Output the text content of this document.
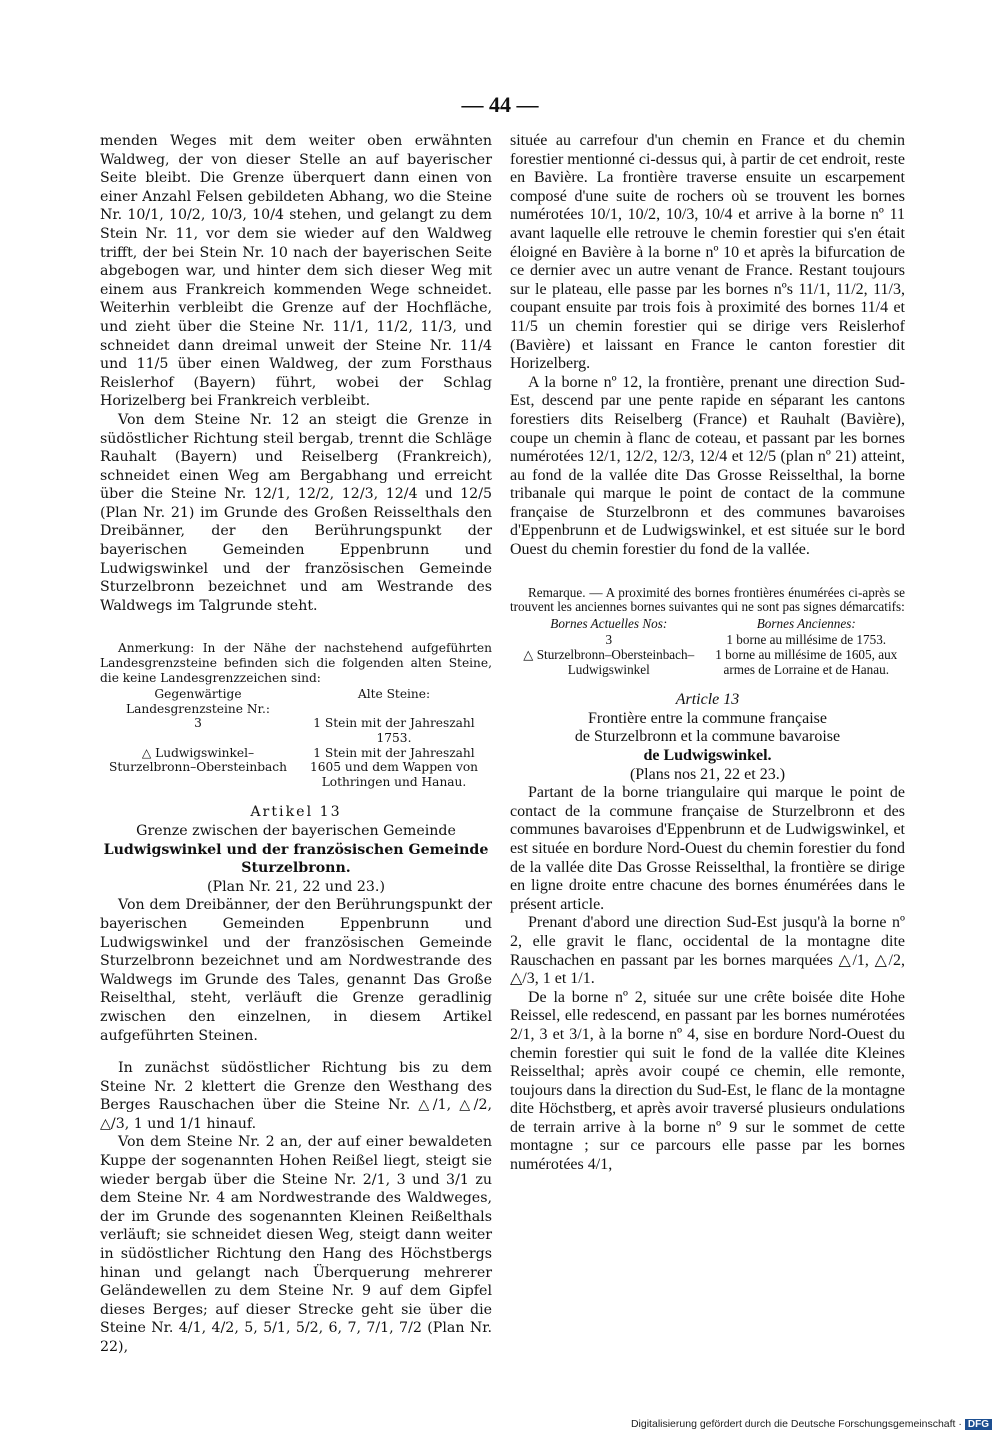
— 44 —

menden Weges mit dem weiter oben erwähnten Waldweg, der von dieser Stelle an auf bayerischer Seite bleibt. Die Grenze überquert dann einen von einer Anzahl Felsen gebildeten Abhang, wo die Steine Nr. 10/1, 10/2, 10/3, 10/4 stehen, und gelangt zu dem Stein Nr. 11, vor dem sie wieder auf den Waldweg trifft, der bei Stein Nr. 10 nach der bayerischen Seite abgebogen war, und hinter dem sich dieser Weg mit einem aus Frankreich kommenden Wege schneidet. Weiterhin verbleibt die Grenze auf der Hochfläche, und zieht über die Steine Nr. 11/1, 11/2, 11/3, und schneidet dann dreimal unweit der Steine Nr. 11/4 und 11/5 über einen Waldweg, der zum Forsthaus Reislerhof (Bayern) führt, wobei der Schlag Horizelberg bei Frankreich verbleibt.

Von dem Steine Nr. 12 an steigt die Grenze in südöstlicher Richtung steil bergab, trennt die Schläge Rauhalt (Bayern) und Reiselberg (Frankreich), schneidet einen Weg am Bergabhang und erreicht über die Steine Nr. 12/1, 12/2, 12/3, 12/4 und 12/5 (Plan Nr. 21) im Grunde des Großen Reisselthals den Dreibänner, der den Berührungspunkt der bayerischen Gemeinden Eppenbrunn und Ludwigswinkel und der französischen Gemeinde Sturzelbronn bezeichnet und am Westrande des Waldwegs im Talgrunde steht.

Anmerkung: In der Nähe der nachstehend aufgeführten Landesgrenzsteine befinden sich die folgenden alten Steine, die keine Landesgrenzzeichen sind:

Gegenwärtige Landesgrenzsteine Nr.:	Alte Steine:
3	1 Stein mit der Jahreszahl 1753.
△ Ludwigswinkel–Sturzelbronn–Obersteinbach	1 Stein mit der Jahreszahl 1605 und dem Wappen von Lothringen und Hanau.
Artikel 13
Grenze zwischen der bayerischen Gemeinde
Ludwigswinkel und der französischen Gemeinde
Sturzelbronn.
(Plan Nr. 21, 22 und 23.)

Von dem Dreibänner, der den Berührungspunkt der bayerischen Gemeinden Eppenbrunn und Ludwigswinkel und der französischen Gemeinde Sturzelbronn bezeichnet und am Nordwestrande des Waldwegs im Grunde des Tales, genannt Das Große Reiselthal, steht, verläuft die Grenze geradlinig zwischen den einzelnen, in diesem Artikel aufgeführten Steinen.

In zunächst südöstlicher Richtung bis zu dem Steine Nr. 2 klettert die Grenze den Westhang des Berges Rauschachen über die Steine Nr. △/1, △/2, △/3, 1 und 1/1 hinauf.

Von dem Steine Nr. 2 an, der auf einer bewaldeten Kuppe der sogenannten Hohen Reißel liegt, steigt sie wieder bergab über die Steine Nr. 2/1, 3 und 3/1 zu dem Steine Nr. 4 am Nordwestrande des Waldweges, der im Grunde des sogenannten Kleinen Reißelthals verläuft; sie schneidet diesen Weg, steigt dann weiter in südöstlicher Richtung den Hang des Höchstbergs hinan und gelangt nach Überquerung mehrerer Geländewellen zu dem Steine Nr. 9 auf dem Gipfel dieses Berges; auf dieser Strecke geht sie über die Steine Nr. 4/1, 4/2, 5, 5/1, 5/2, 6, 7, 7/1, 7/2 (Plan Nr. 22),

située au carrefour d'un chemin en France et du chemin forestier mentionné ci-dessus qui, à partir de cet endroit, reste en Bavière. La frontière traverse ensuite un escarpement composé d'une suite de rochers où se trouvent les bornes numérotées 10/1, 10/2, 10/3, 10/4 et arrive à la borne nº 11 avant laquelle elle retrouve le chemin forestier qui s'en était éloigné en Bavière à la borne nº 10 et après la bifurcation de ce dernier avec un autre venant de France. Restant toujours sur le plateau, elle passe par les bornes nºs 11/1, 11/2, 11/3, coupant ensuite par trois fois à proximité des bornes 11/4 et 11/5 un chemin forestier qui se dirige vers Reislerhof (Bavière) et laissant en France le canton forestier dit Horizelberg.

A la borne nº 12, la frontière, prenant une direction Sud-Est, descend par une pente rapide en séparant les cantons forestiers dits Reiselberg (France) et Rauhalt (Bavière), coupe un chemin à flanc de coteau, et passant par les bornes numérotées 12/1, 12/2, 12/3, 12/4 et 12/5 (plan nº 21) atteint, au fond de la vallée dite Das Grosse Reisselthal, la borne tribanale qui marque le point de contact de la commune française de Sturzelbronn et des communes bavaroises d'Eppenbrunn et de Ludwigswinkel, et est située sur le bord Ouest du chemin forestier du fond de la vallée.

Remarque. — A proximité des bornes frontières énumérées ci-après se trouvent les anciennes bornes suivantes qui ne sont pas signes démarcatifs:

Bornes Actuelles Nos:	Bornes Anciennes:
3	1 borne au millésime de 1753.
△ Sturzelbronn–Obersteinbach–Ludwigswinkel	1 borne au millésime de 1605, aux armes de Lorraine et de Hanau.
Article 13
Frontière entre la commune française
de Sturzelbronn et la commune bavaroise
de Ludwigswinkel.
(Plans nos 21, 22 et 23.)

Partant de la borne triangulaire qui marque le point de contact de la commune française de Sturzelbronn et des communes bavaroises d'Eppenbrunn et de Ludwigswinkel, et est située en bordure Nord-Ouest du chemin forestier du fond de la vallée dite Das Grosse Reisselthal, la frontière se dirige en ligne droite entre chacune des bornes énumérées dans le présent article.

Prenant d'abord une direction Sud-Est jusqu'à la borne nº 2, elle gravit le flanc, occidental de la montagne dite Rauschachen en passant par les bornes marquées △/1, △/2, △/3, 1 et 1/1.

De la borne nº 2, située sur une crête boisée dite Hohe Reissel, elle redescend, en passant par les bornes numérotées 2/1, 3 et 3/1, à la borne nº 4, sise en bordure Nord-Ouest du chemin forestier qui suit le fond de la vallée dite Kleines Reisselthal; après avoir coupé ce chemin, elle remonte, toujours dans la direction du Sud-Est, le flanc de la montagne dite Höchstberg, et après avoir traversé plusieurs ondulations de terrain arrive à la borne nº 9 sur le sommet de cette montagne ; sur ce parcours elle passe par les bornes numérotées 4/1,

Digitalisierung gefördert durch die Deutsche Forschungsgemeinschaft · DFG
